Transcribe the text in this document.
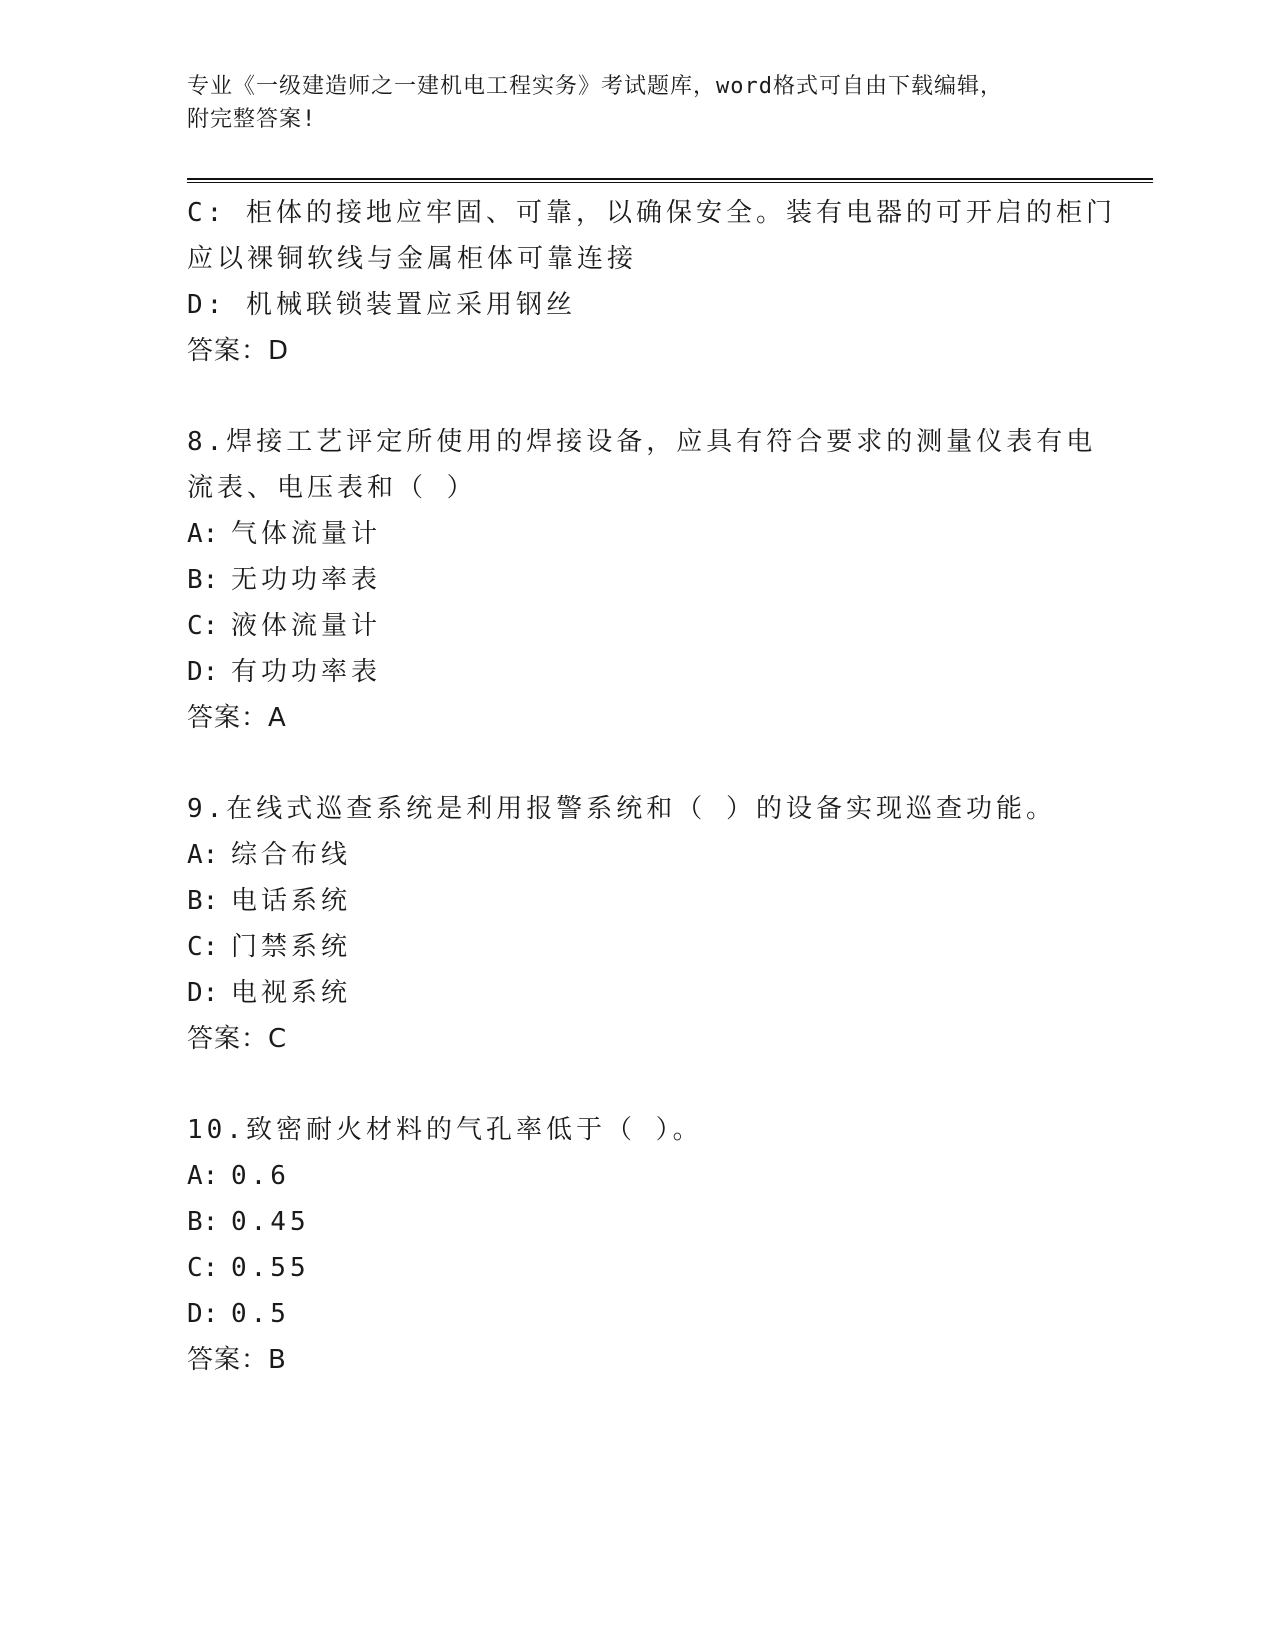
专业《一级建造师之一建机电工程实务》考试题库，word格式可自由下载编辑，
附完整答案!
C: 柜体的接地应牢固、可靠，以确保安全。装有电器的可开启的柜门
应以裸铜软线与金属柜体可靠连接
D: 机械联锁装置应采用钢丝
答案：D
8.焊接工艺评定所使用的焊接设备，应具有符合要求的测量仪表有电
流表、电压表和（ ）
A: 气体流量计
B: 无功功率表
C: 液体流量计
D: 有功功率表
答案：A
9.在线式巡查系统是利用报警系统和（ ）的设备实现巡查功能。
A: 综合布线
B: 电话系统
C: 门禁系统
D: 电视系统
答案：C
10.致密耐火材料的气孔率低于（ ）。
A: 0.6
B: 0.45
C: 0.55
D: 0.5
答案：B
